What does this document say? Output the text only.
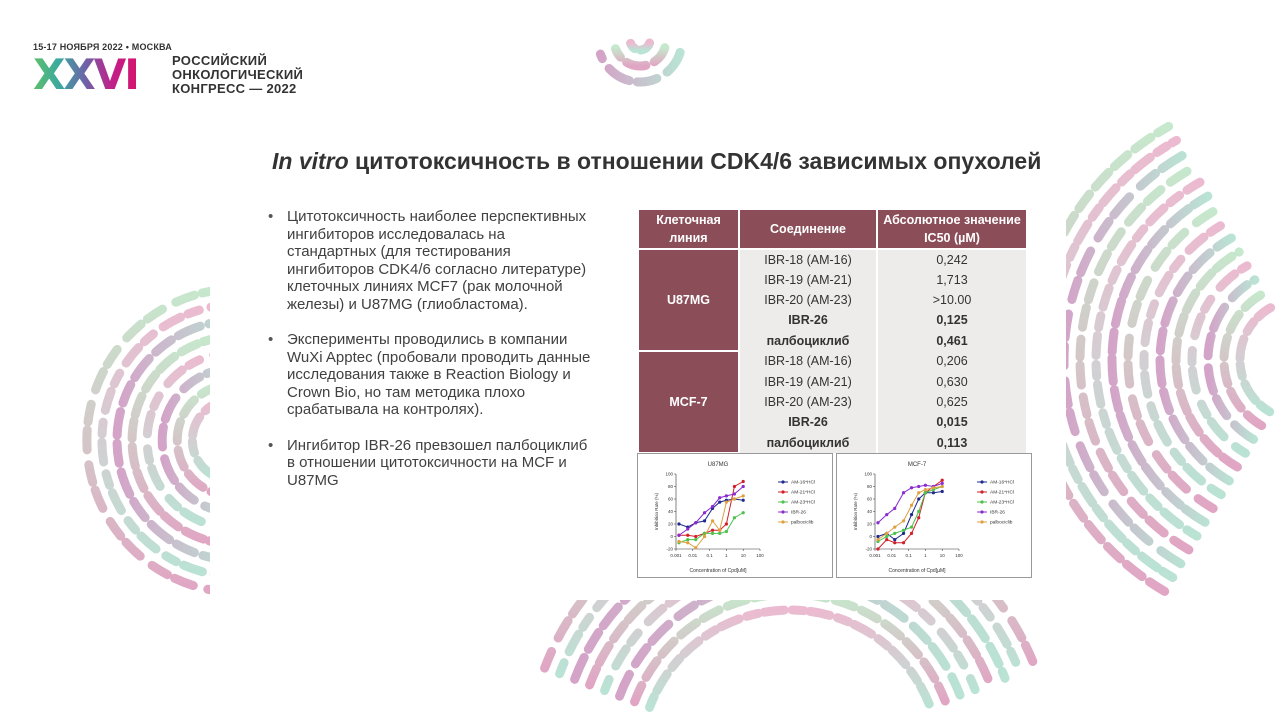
15-17 НОЯБРЯ 2022 • МОСКВА
XXVI	РОССИЙСКИЙ
ОНКОЛОГИЧЕСКИЙ
КОНГРЕСС — 2022
In vitro цитотоксичность в отношении CDK4/6 зависимых опухолей
• Цитотоксичность наиболее перспективных ингибиторов исследовалась на стандартных (для тестирования ингибиторов CDK4/6 согласно литературе) клеточных линиях MCF7 (рак молочной железы) и U87MG (глиобластома).
• Эксперименты проводились в компании WuXi Apptec (пробовали проводить данные исследования также в Reaction Biology и Crown Bio, но там методика плохо срабатывала на контролях).
• Ингибитор IBR-26 превзошел палбоциклиб в отношении цитотоксичности на MCF и U87MG
Клеточная линия	Соединение	Абсолютное значение IC50 (µM)
U87MG	IBR-18 (AM-16)	0,242
	IBR-19 (AM-21)	1,713
	IBR-20 (AM-23)	>10.00
	IBR-26	0,125
	палбоциклиб	0,461
MCF-7	IBR-18 (AM-16)	0,206
	IBR-19 (AM-21)	0,630
	IBR-20 (AM-23)	0,625
	IBR-26	0,015
	палбоциклиб	0,113
U87MG
-20
0
20
40
60
80
100
0.001 0.01 0.1	1	10 100
Concentration of Cpd[uM]
Inhibition Rate (%)
AM-16*HCl
AM-21*HCl
AM-23*HCl
IBR-26
palbociclib
MCF-7
-20
0
20
40
60
80
100
0.001 0.01 0.1	1	10 100
Concentration of Cpd[µM]
Inhibition Rate (%)
AM-16*HCl
AM-21*HCl
AM-23*HCl
IBR-26
palbociclib
